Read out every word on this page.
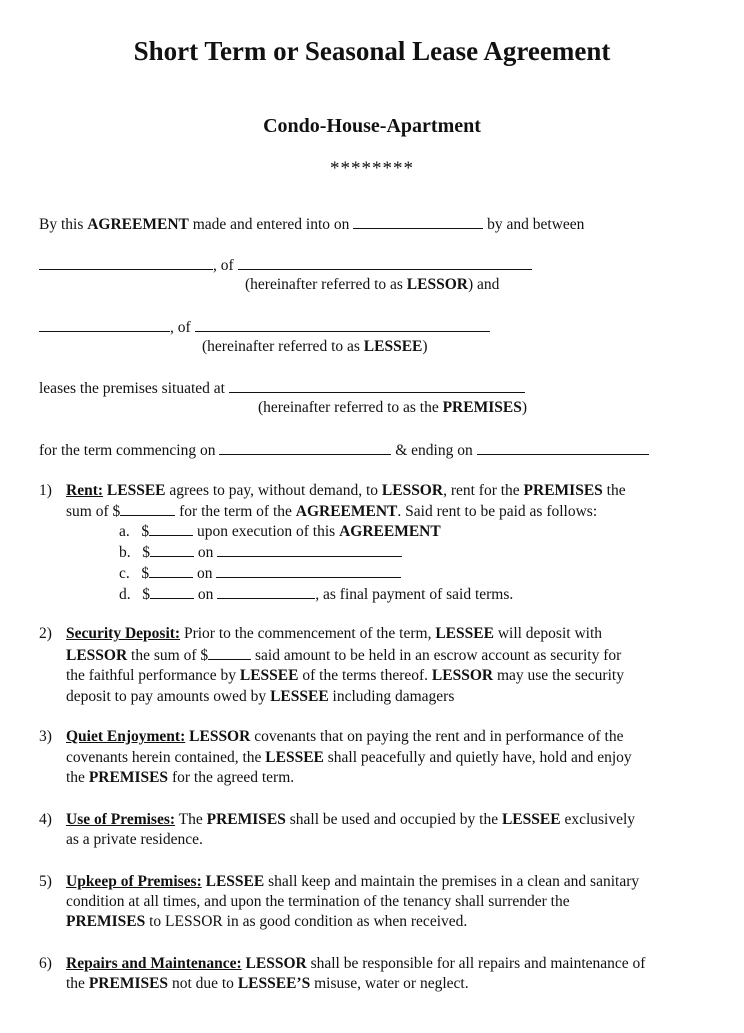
Short Term or Seasonal Lease Agreement
Condo-House-Apartment
********
By this AGREEMENT made and entered into on	by and between
, of
(hereinafter referred to as LESSOR) and
, of
(hereinafter referred to as LESSEE)
leases the premises situated at
(hereinafter referred to as the PREMISES)
for the term commencing on	& ending on
1) Rent: LESSEE agrees to pay, without demand, to LESSOR, rent for the PREMISES the
sum of $	for the term of the AGREEMENT. Said rent to be paid as follows:
a. $	upon execution of this AGREEMENT
b. $	on
c. $	on
d. $	on	, as final payment of said terms.
2) Security Deposit: Prior to the commencement of the term, LESSEE will deposit with
LESSOR the sum of $	said amount to be held in an escrow account as security for
the faithful performance by LESSEE of the terms thereof. LESSOR may use the security
deposit to pay amounts owed by LESSEE including damagers
3) Quiet Enjoyment: LESSOR covenants that on paying the rent and in performance of the
covenants herein contained, the LESSEE shall peacefully and quietly have, hold and enjoy
the PREMISES for the agreed term.
4) Use of Premises: The PREMISES shall be used and occupied by the LESSEE exclusively
as a private residence.
5) Upkeep of Premises: LESSEE shall keep and maintain the premises in a clean and sanitary
condition at all times, and upon the termination of the tenancy shall surrender the
PREMISES to LESSOR in as good condition as when received.
6) Repairs and Maintenance: LESSOR shall be responsible for all repairs and maintenance of
the PREMISES not due to LESSEE’S misuse, water or neglect.
